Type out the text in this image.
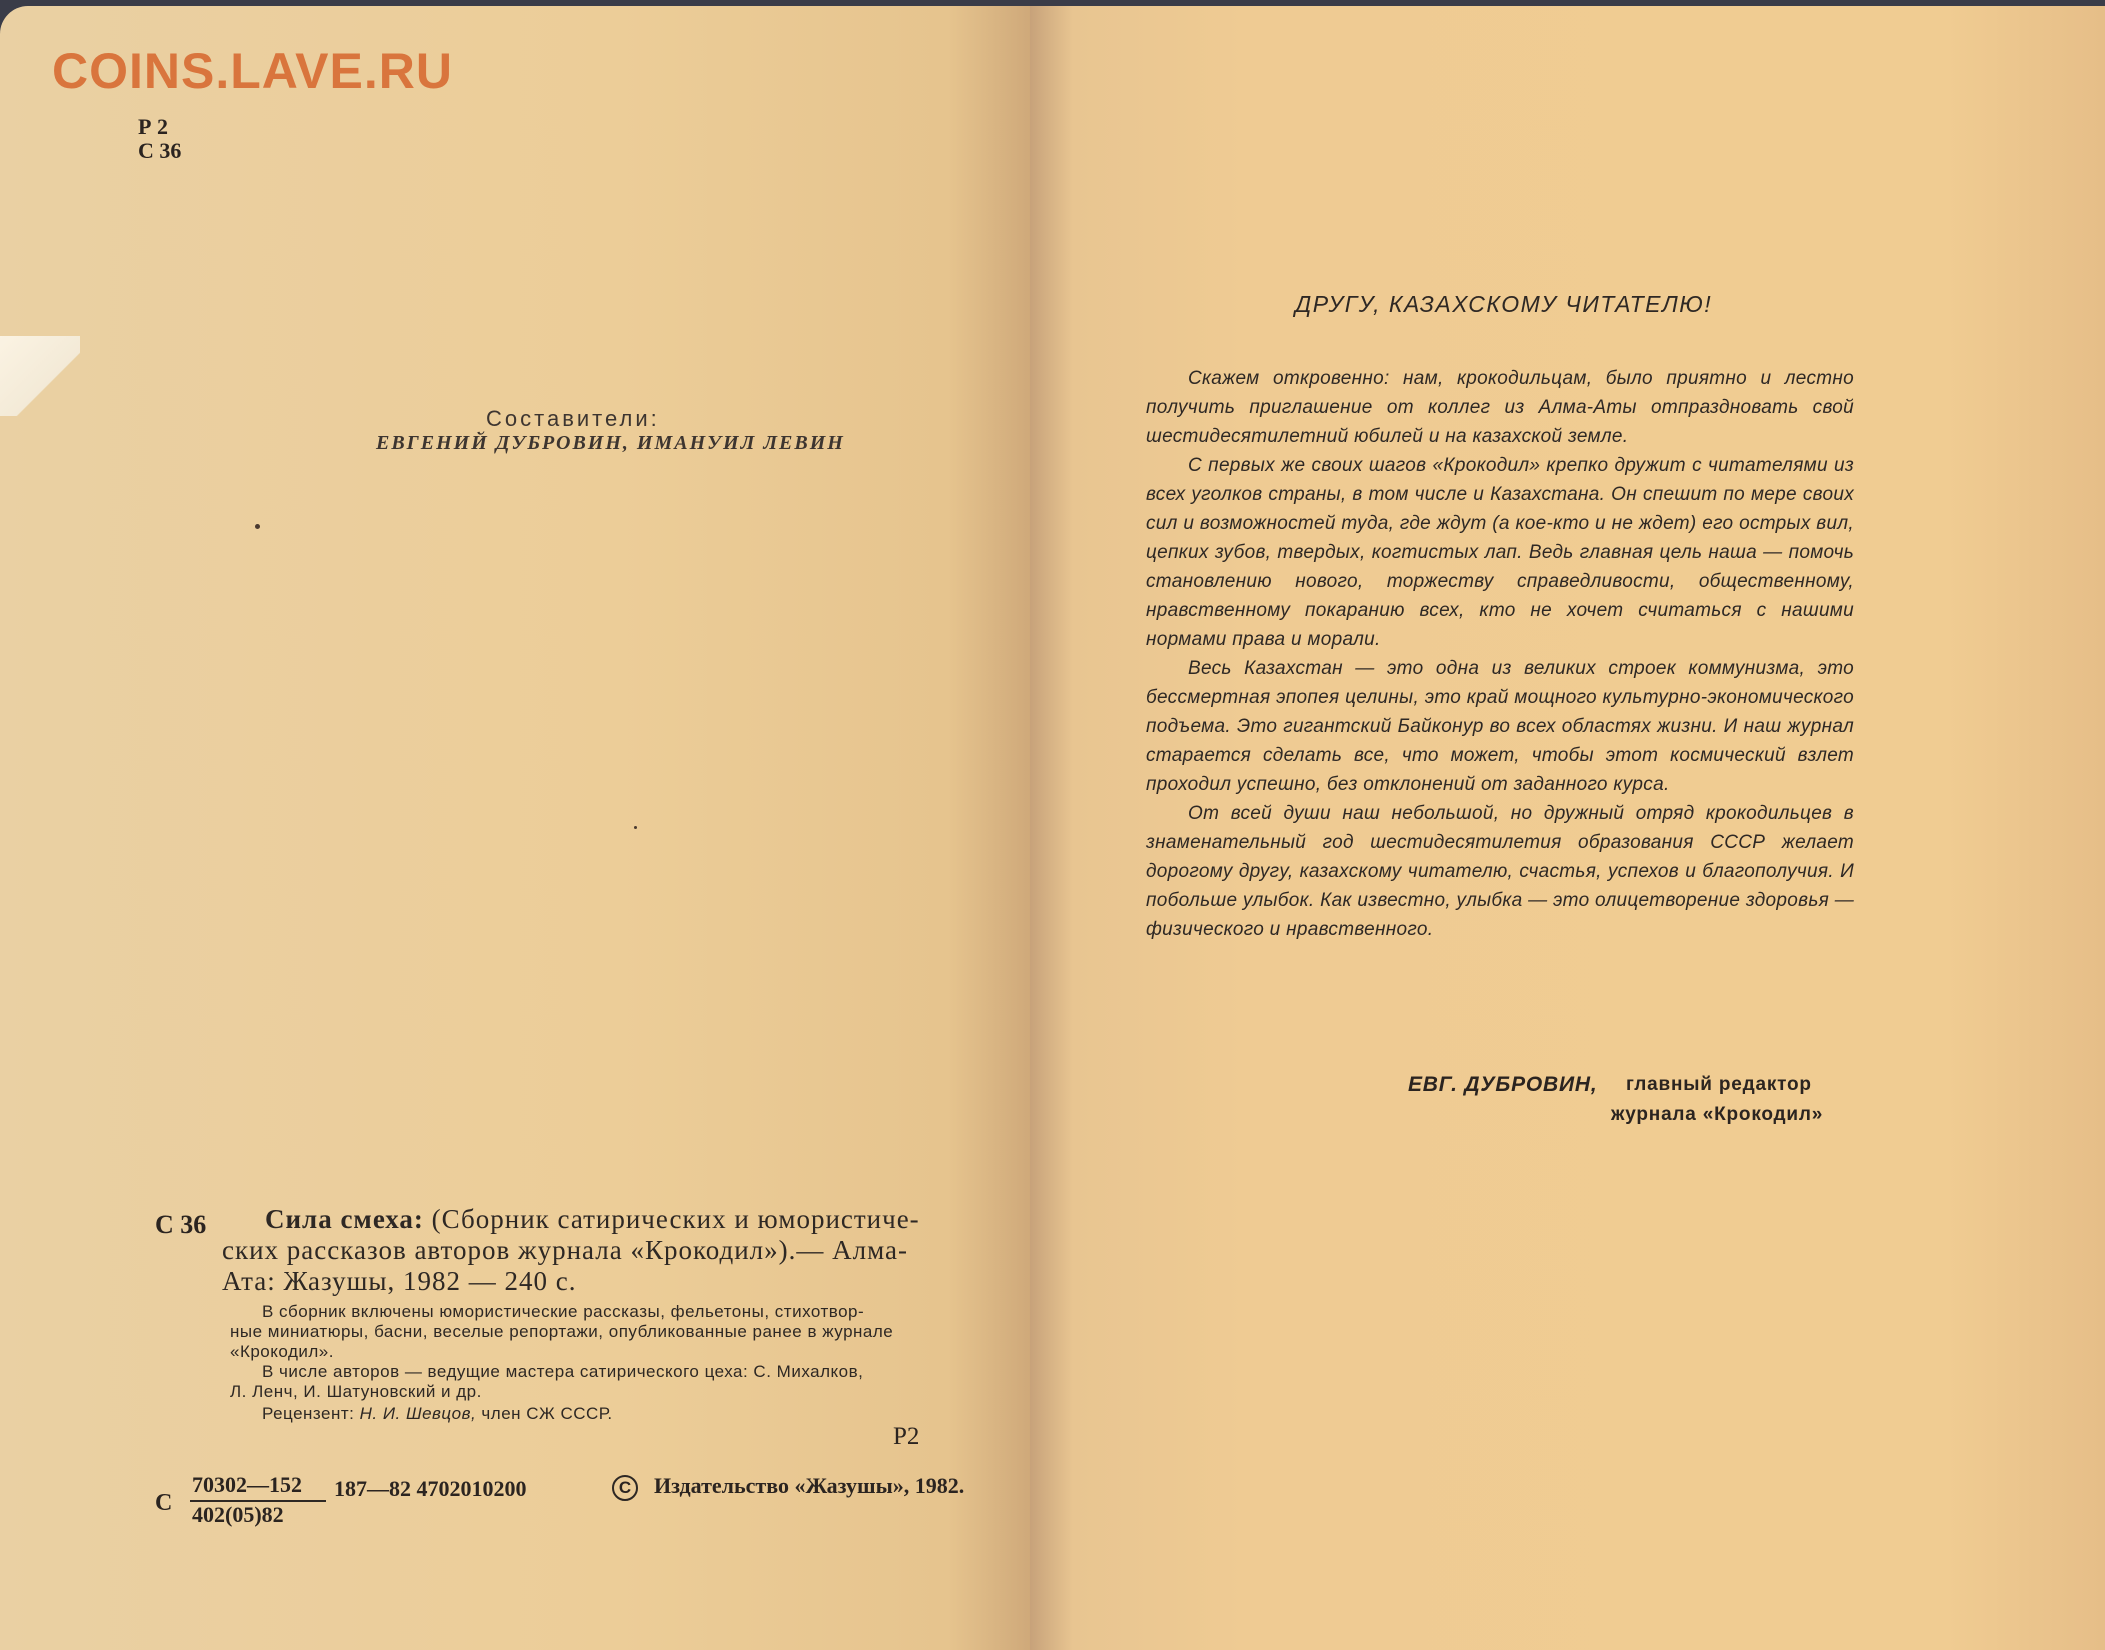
COINS.LAVE.RU
Р 2
С 36
Составители:
ЕВГЕНИЙ ДУБРОВИН, ИМАНУИЛ ЛЕВИН
С 36 Сила смеха: (Сборник сатирических и юмористиче-
ских рассказов авторов журнала «Крокодил»).— Алма-
Ата: Жазушы, 1982 — 240 с.
В сборник включены юмористические рассказы, фельетоны, стихотвор-
ные миниатюры, басни, веселые репортажи, опубликованные ранее в журнале
«Крокодил».
В числе авторов — ведущие мастера сатирического цеха: С. Михалков,
Л. Ленч, И. Шатуновский и др.
Рецензент: Н. И. Шевцов, член СЖ СССР.
Р2
С
70302—152
402(05)82
187—82 4702010200	С	Издательство «Жазушы», 1982.
ДРУГУ, КАЗАХСКОМУ ЧИТАТЕЛЮ!

Скажем откровенно: нам, крокодильцам, было приятно и лестно получить приглашение от коллег из Алма-Аты отпраздновать свой шестидесятилетний юбилей и на казахской земле.

С первых же своих шагов «Крокодил» крепко дружит с читателями из всех уголков страны, в том числе и Казахстана. Он спешит по мере своих сил и возможностей туда, где ждут (а кое-кто и не ждет) его острых вил, цепких зубов, твердых, когтистых лап. Ведь главная цель наша — помочь становлению нового, торжеству справедливости, общественному, нравственному покаранию всех, кто не хочет считаться с нашими нормами права и морали.

Весь Казахстан — это одна из великих строек коммунизма, это бессмертная эпопея целины, это край мощного культурно-экономического подъема. Это гигантский Байконур во всех областях жизни. И наш журнал старается сделать все, что может, чтобы этот космический взлет проходил успешно, без отклонений от заданного курса.

От всей души наш небольшой, но дружный отряд крокодильцев в знаменательный год шестидесятилетия образования СССР желает дорогому другу, казахскому читателю, счастья, успехов и благополучия. И побольше улыбок. Как известно, улыбка — это олицетворение здоровья — физического и нравственного.

ЕВГ. ДУБРОВИН, главный редактор
журнала «Крокодил»
